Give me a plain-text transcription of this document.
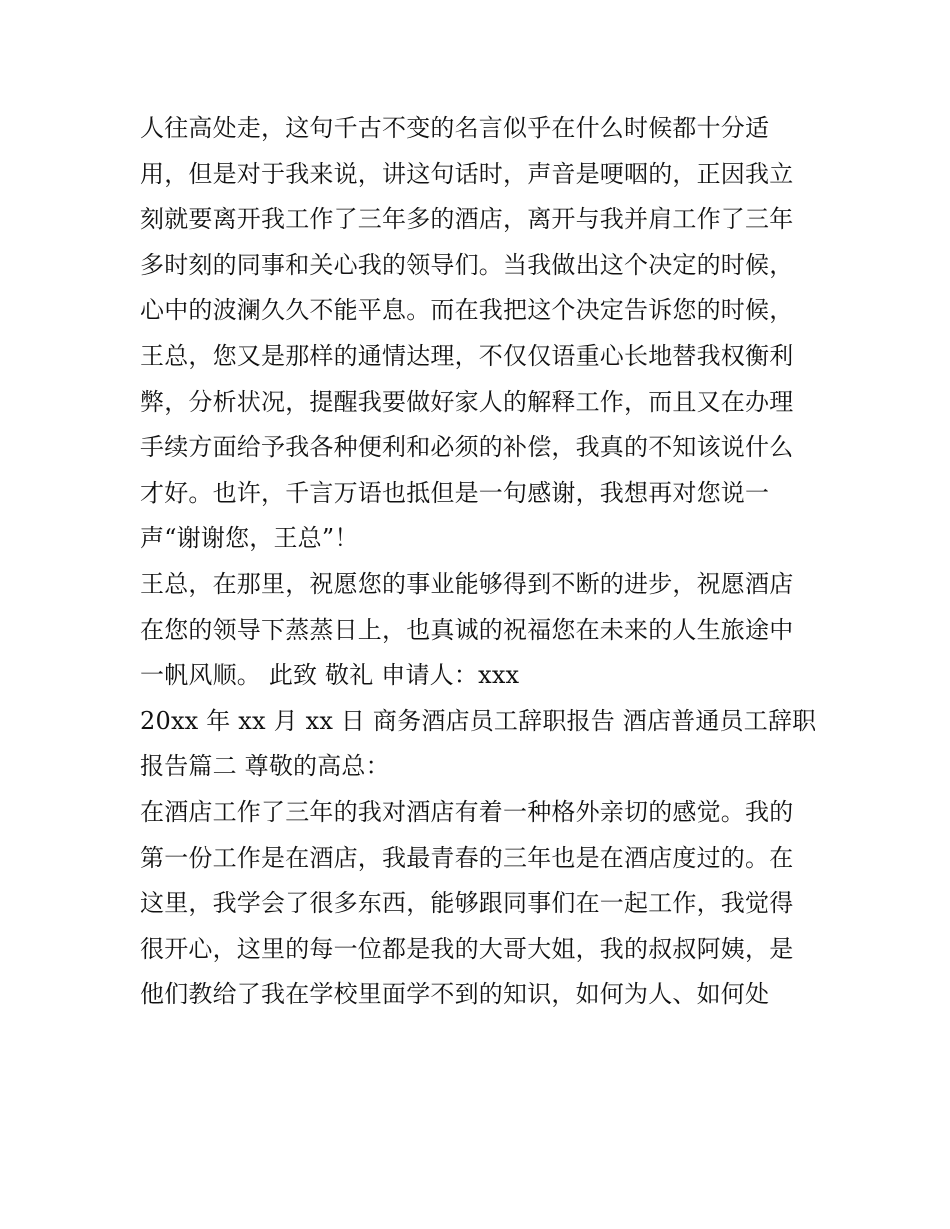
人往高处走，这句千古不变的名言似乎在什么时候都十分适
用，但是对于我来说，讲这句话时，声音是哽咽的，正因我立
刻就要离开我工作了三年多的酒店，离开与我并肩工作了三年
多时刻的同事和关心我的领导们。当我做出这个决定的时候，
心中的波澜久久不能平息。而在我把这个决定告诉您的时候，
王总，您又是那样的通情达理，不仅仅语重心长地替我权衡利
弊，分析状况，提醒我要做好家人的解释工作，而且又在办理
手续方面给予我各种便利和必须的补偿，我真的不知该说什么
才好。也许，千言万语也抵但是一句感谢，我想再对您说一
声“谢谢您，王总”！
王总，在那里，祝愿您的事业能够得到不断的进步，祝愿酒店
在您的领导下蒸蒸日上，也真诚的祝福您在未来的人生旅途中
一帆风顺。 此致 敬礼 申请人：xxx
20xx 年 xx 月 xx 日 商务酒店员工辞职报告 酒店普通员工辞职
报告篇二 尊敬的高总：
在酒店工作了三年的我对酒店有着一种格外亲切的感觉。我的
第一份工作是在酒店，我最青春的三年也是在酒店度过的。在
这里，我学会了很多东西，能够跟同事们在一起工作，我觉得
很开心，这里的每一位都是我的大哥大姐，我的叔叔阿姨，是
他们教给了我在学校里面学不到的知识，如何为人、如何处
